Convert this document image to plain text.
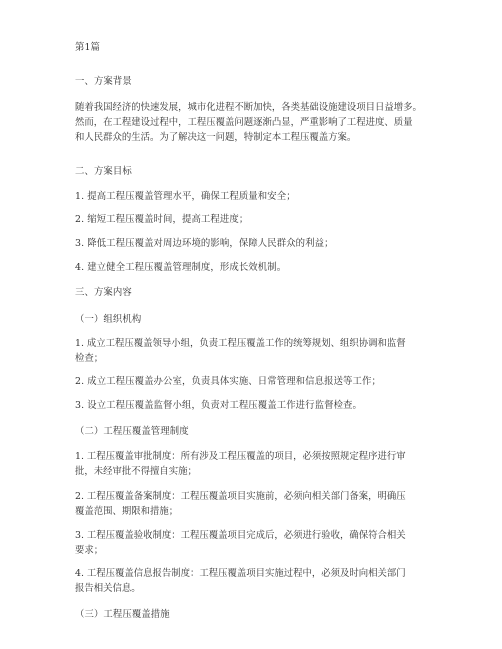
第1篇
一、方案背景
随着我国经济的快速发展，城市化进程不断加快，各类基础设施建设项目日益增多。
然而，在工程建设过程中，工程压覆盖问题逐渐凸显，严重影响了工程进度、质量
和人民群众的生活。为了解决这一问题，特制定本工程压覆盖方案。
二、方案目标
1. 提高工程压覆盖管理水平，确保工程质量和安全；
2. 缩短工程压覆盖时间，提高工程进度；
3. 降低工程压覆盖对周边环境的影响，保障人民群众的利益；
4. 建立健全工程压覆盖管理制度，形成长效机制。
三、方案内容
（一）组织机构
1. 成立工程压覆盖领导小组，负责工程压覆盖工作的统筹规划、组织协调和监督
检查；
2. 成立工程压覆盖办公室，负责具体实施、日常管理和信息报送等工作；
3. 设立工程压覆盖监督小组，负责对工程压覆盖工作进行监督检查。
（二）工程压覆盖管理制度
1. 工程压覆盖审批制度：所有涉及工程压覆盖的项目，必须按照规定程序进行审
批，未经审批不得擅自实施；
2. 工程压覆盖备案制度：工程压覆盖项目实施前，必须向相关部门备案，明确压
覆盖范围、期限和措施；
3. 工程压覆盖验收制度：工程压覆盖项目完成后，必须进行验收，确保符合相关
要求；
4. 工程压覆盖信息报告制度：工程压覆盖项目实施过程中，必须及时向相关部门
报告相关信息。
（三）工程压覆盖措施
